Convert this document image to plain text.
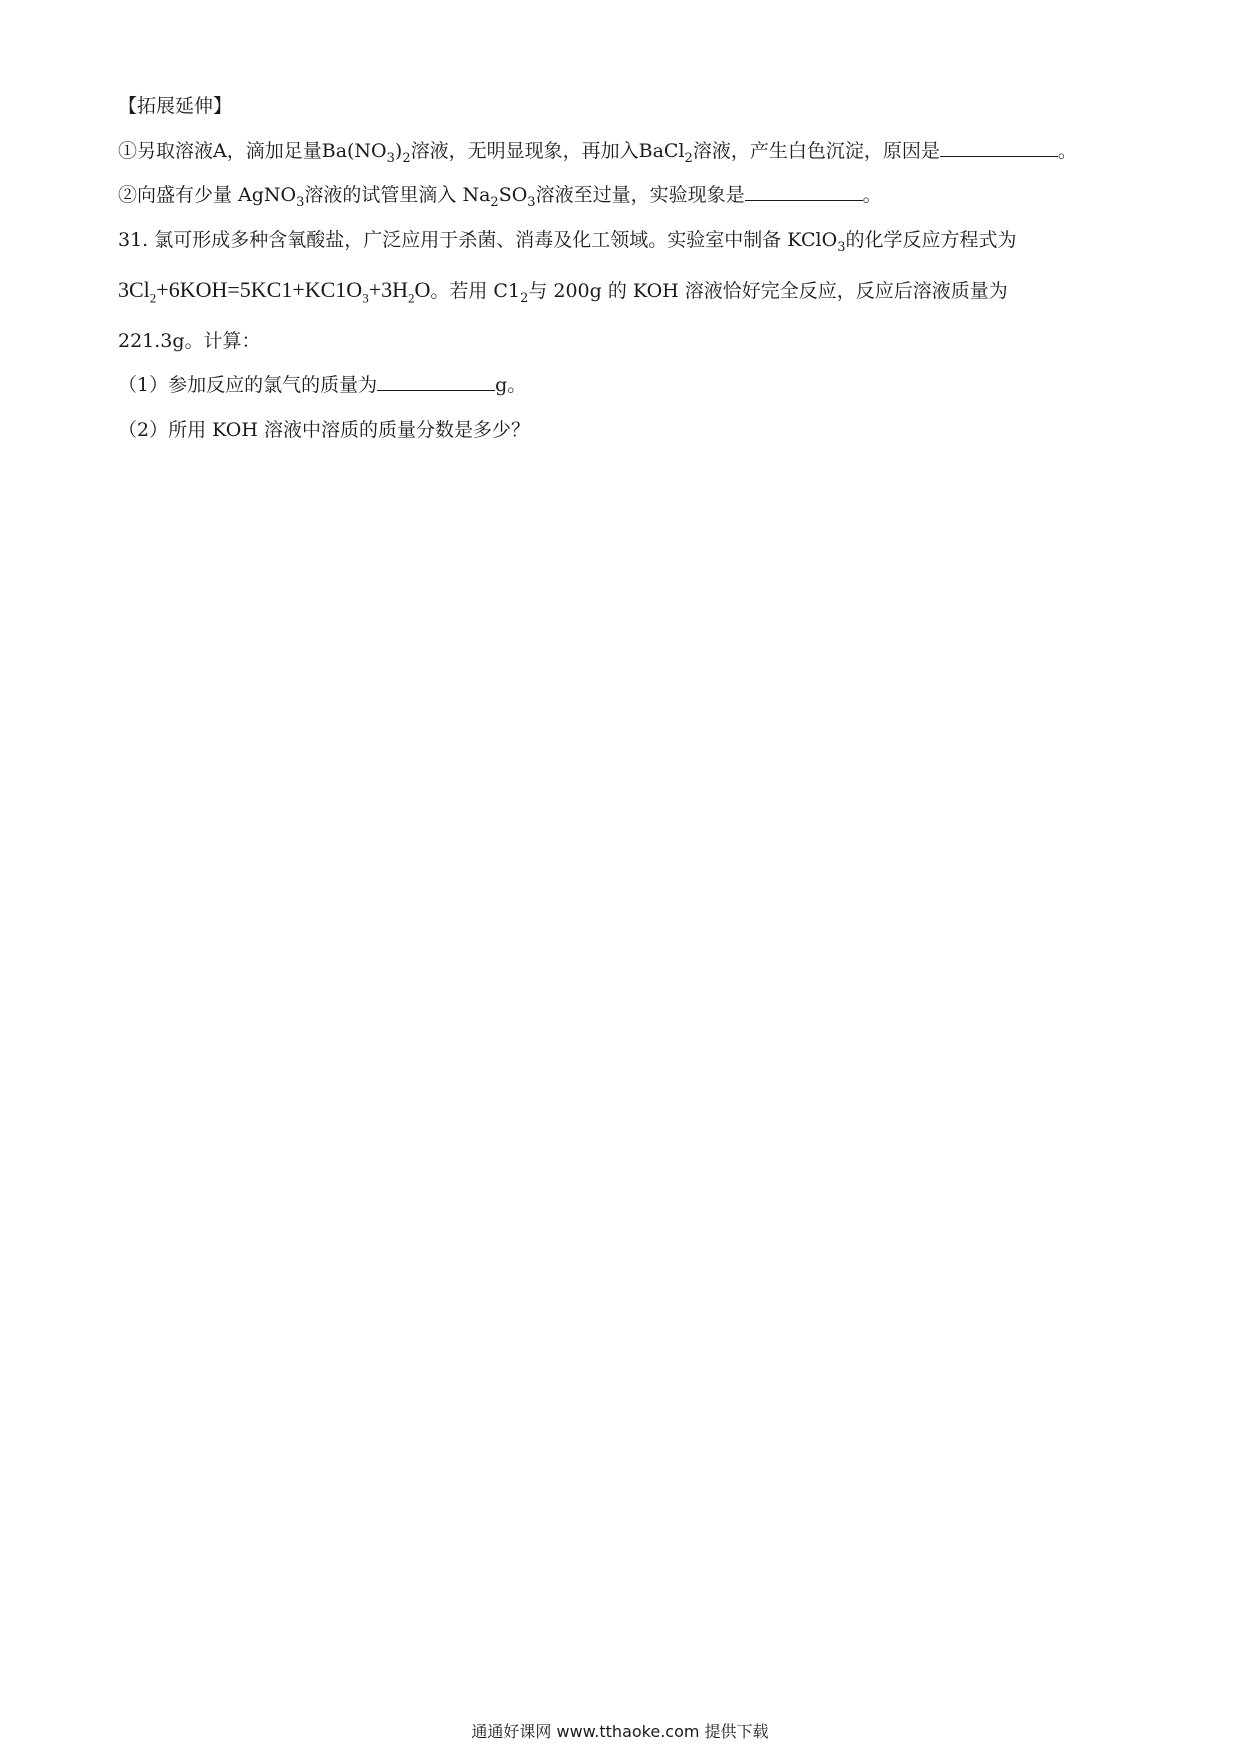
【拓展延伸】
①另取溶液A，滴加足量$Ba(NO_3)_2$溶液，无明显现象，再加入BaCl$_2$溶液，产生白色沉淀，原因是	。
②向盛有少量 AgNO$_3$溶液的试管里滴入 $Na_2SO_3$溶液至过量，实验现象是	。
31. 氯可形成多种含氧酸盐，广泛应用于杀菌、消毒及化工领域。实验室中制备 KClO$_3$的化学反应方程式为
$3Cl_2+6KOH=5KC1+KC1O_3+3H_2O$。若用 $C1_2$与 200g 的 KOH 溶液恰好完全反应，反应后溶液质量为
221.3g。计算：
（1）参加反应的氯气的质量为	g。
（2）所用 KOH 溶液中溶质的质量分数是多少？
通通好课网 www.tthaoke.com 提供下载
